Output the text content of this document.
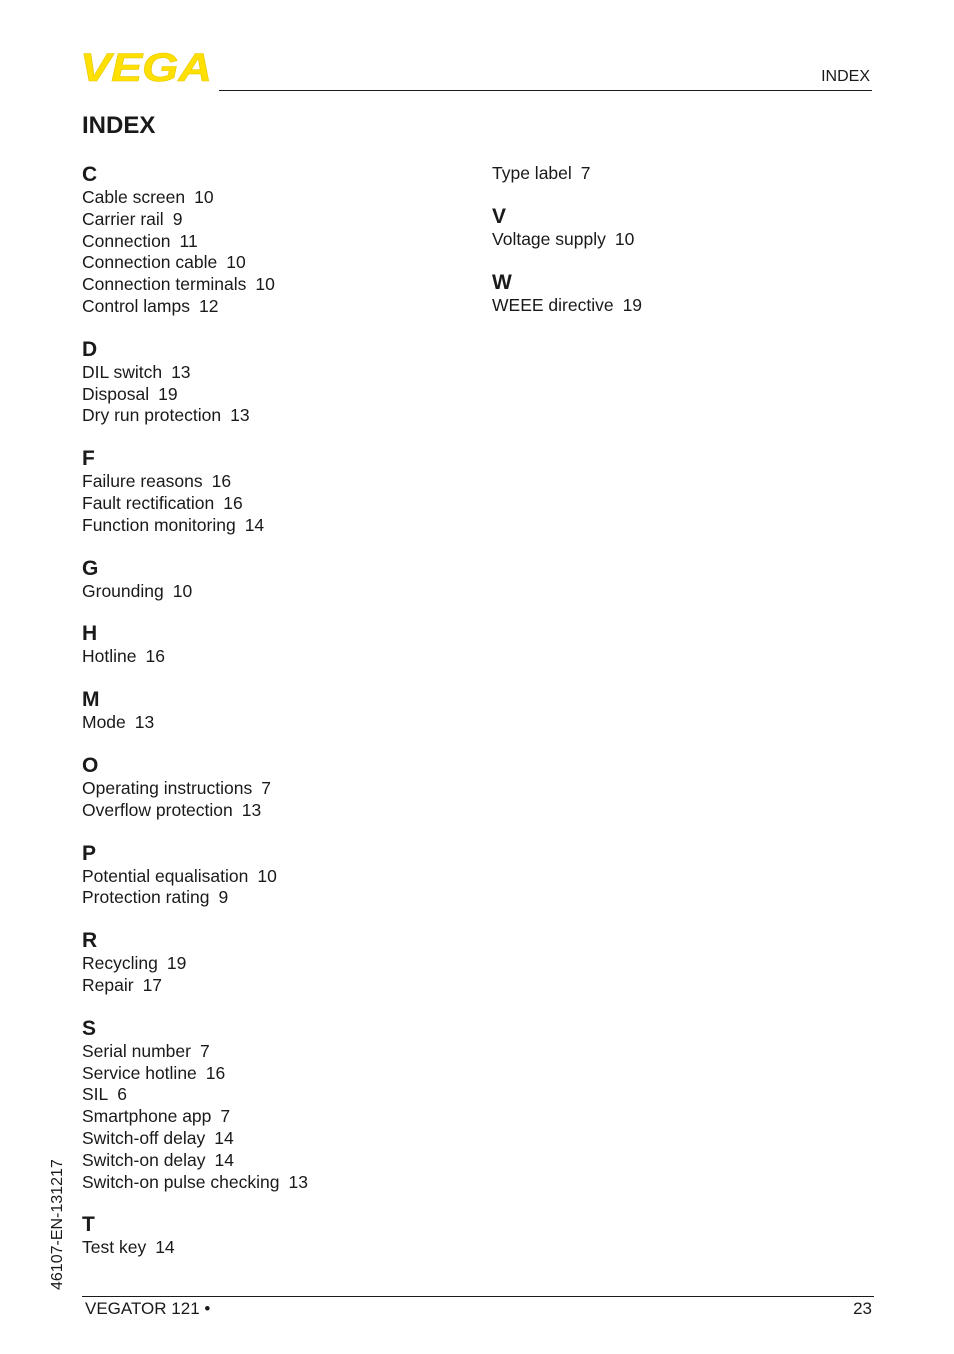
VEGA	INDEX
INDEX
C
Cable screen 10
Carrier rail 9
Connection 11
Connection cable 10
Connection terminals 10
Control lamps 12
D
DIL switch 13
Disposal 19
Dry run protection 13
F
Failure reasons 16
Fault rectification 16
Function monitoring 14
G
Grounding 10
H
Hotline 16
M
Mode 13
O
Operating instructions 7
Overflow protection 13
P
Potential equalisation 10
Protection rating 9
R
Recycling 19
Repair 17
S
Serial number 7
Service hotline 16
SIL 6
Smartphone app 7
Switch-off delay 14
Switch-on delay 14
Switch-on pulse checking 13
T
Test key 14
Type label 7
V
Voltage supply 10
W
WEEE directive 19
VEGATOR 121 •	23
46107-EN-131217
